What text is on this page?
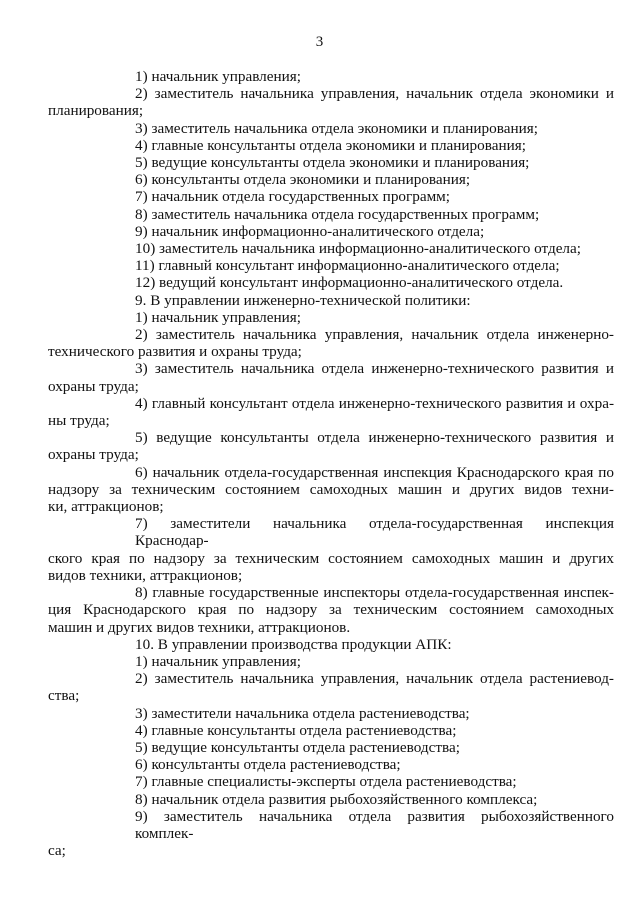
3
1) начальник управления;
2) заместитель начальника управления, начальник отдела экономики и
планирования;
3) заместитель начальника отдела экономики и планирования;
4) главные консультанты отдела экономики и планирования;
5) ведущие консультанты отдела экономики и планирования;
6) консультанты отдела экономики и планирования;
7) начальник отдела государственных программ;
8) заместитель начальника отдела государственных программ;
9) начальник информационно-аналитического отдела;
10) заместитель начальника информационно-аналитического отдела;
11) главный консультант информационно-аналитического отдела;
12) ведущий консультант информационно-аналитического отдела.
9. В управлении инженерно-технической политики:
1) начальник управления;
2) заместитель начальника управления, начальник отдела инженерно-
технического развития и охраны труда;
3) заместитель начальника отдела инженерно-технического развития и
охраны труда;
4) главный консультант отдела инженерно-технического развития и охра-
ны труда;
5) ведущие консультанты отдела инженерно-технического развития и
охраны труда;
6) начальник отдела-государственная инспекция Краснодарского края по
надзору за техническим состоянием самоходных машин и других видов техни-
ки, аттракционов;
7) заместители начальника отдела-государственная инспекция Краснодар-
ского края по надзору за техническим состоянием самоходных машин и других
видов техники, аттракционов;
8) главные государственные инспекторы отдела-государственная инспек-
ция Краснодарского края по надзору за техническим состоянием самоходных
машин и других видов техники, аттракционов.
10. В управлении производства продукции АПК:
1) начальник управления;
2) заместитель начальника управления, начальник отдела растениевод-
ства;
3) заместители начальника отдела растениеводства;
4) главные консультанты отдела растениеводства;
5) ведущие консультанты отдела растениеводства;
6) консультанты отдела растениеводства;
7) главные специалисты-эксперты отдела растениеводства;
8) начальник отдела развития рыбохозяйственного комплекса;
9) заместитель начальника отдела развития рыбохозяйственного комплек-
са;
